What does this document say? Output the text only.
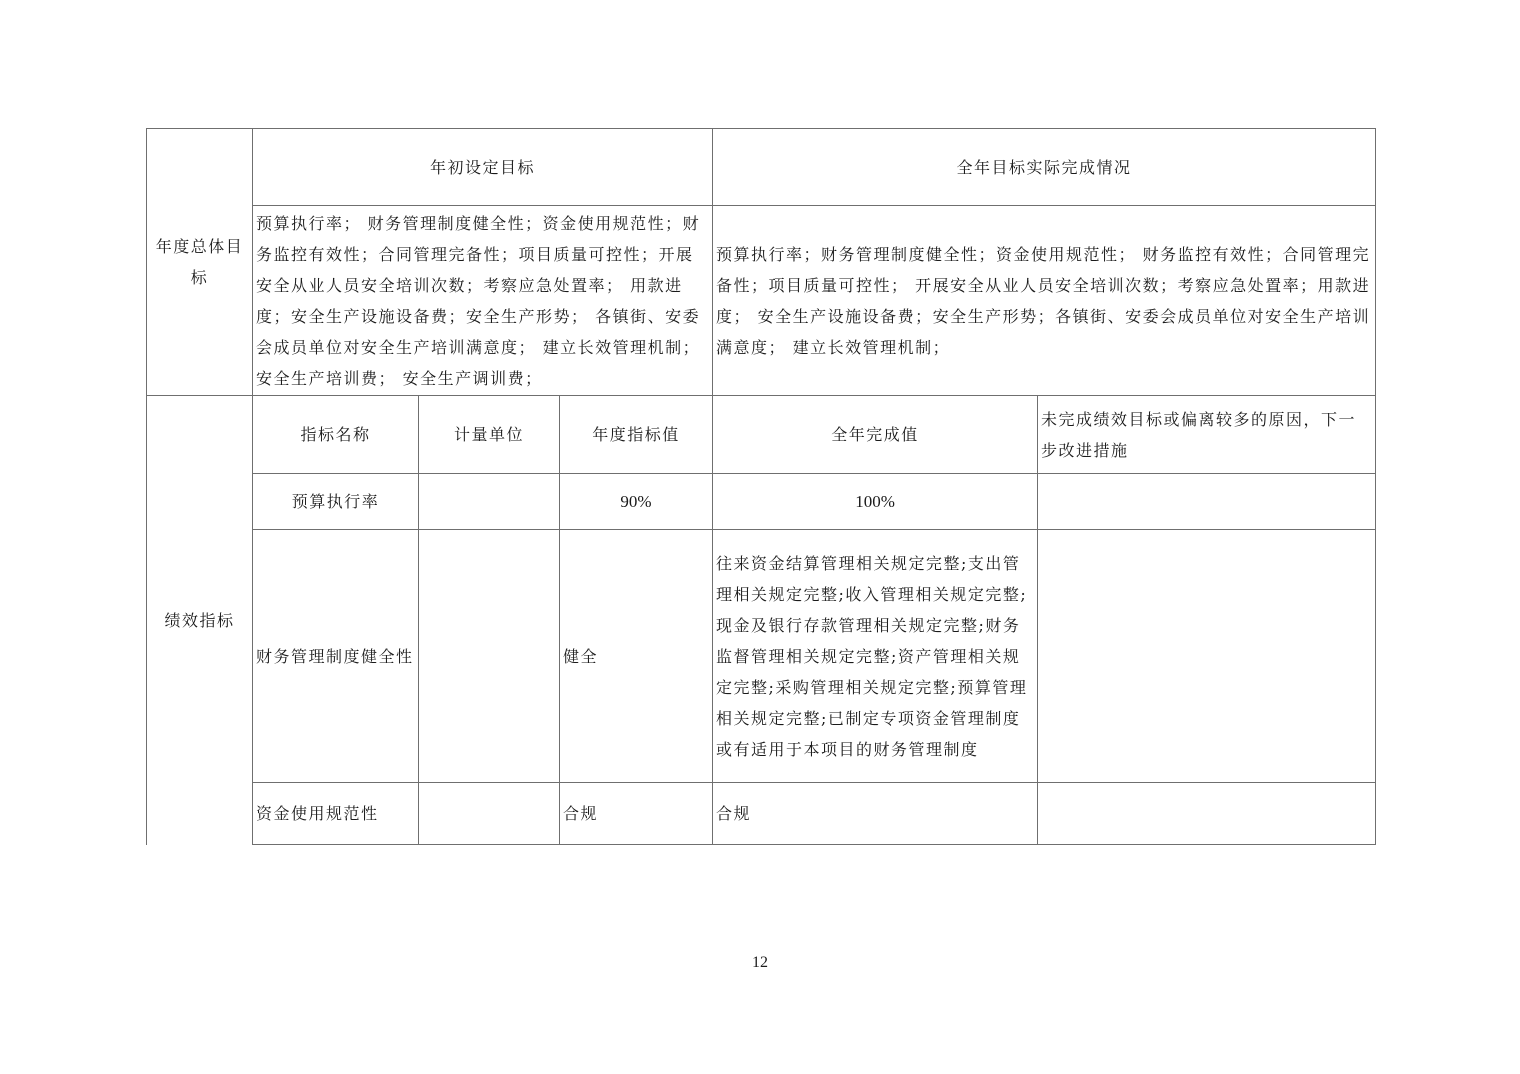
年度总体目标	年初设定目标			全年目标实际完成情况	
	预算执行率； 财务管理制度健全性；资金使用规范性；财务监控有效性；合同管理完备性；项目质量可控性；开展安全从业人员安全培训次数；考察应急处置率； 用款进度；安全生产设施设备费；安全生产形势； 各镇街、安委会成员单位对安全生产培训满意度； 建立长效管理机制； 安全生产培训费； 安全生产调训费；			预算执行率；财务管理制度健全性；资金使用规范性； 财务监控有效性；合同管理完备性；项目质量可控性； 开展安全从业人员安全培训次数；考察应急处置率；用款进度； 安全生产设施设备费；安全生产形势；各镇街、安委会成员单位对安全生产培训满意度； 建立长效管理机制；	
绩效指标	指标名称	计量单位	年度指标值	全年完成值	未完成绩效目标或偏离较多的原因，下一步改进措施
	预算执行率		90%	100%	
	财务管理制度健全性		健全	往来资金结算管理相关规定完整;支出管理相关规定完整;收入管理相关规定完整;现金及银行存款管理相关规定完整;财务监督管理相关规定完整;资产管理相关规定完整;采购管理相关规定完整;预算管理相关规定完整;已制定专项资金管理制度或有适用于本项目的财务管理制度	
	资金使用规范性		合规	合规	
12
